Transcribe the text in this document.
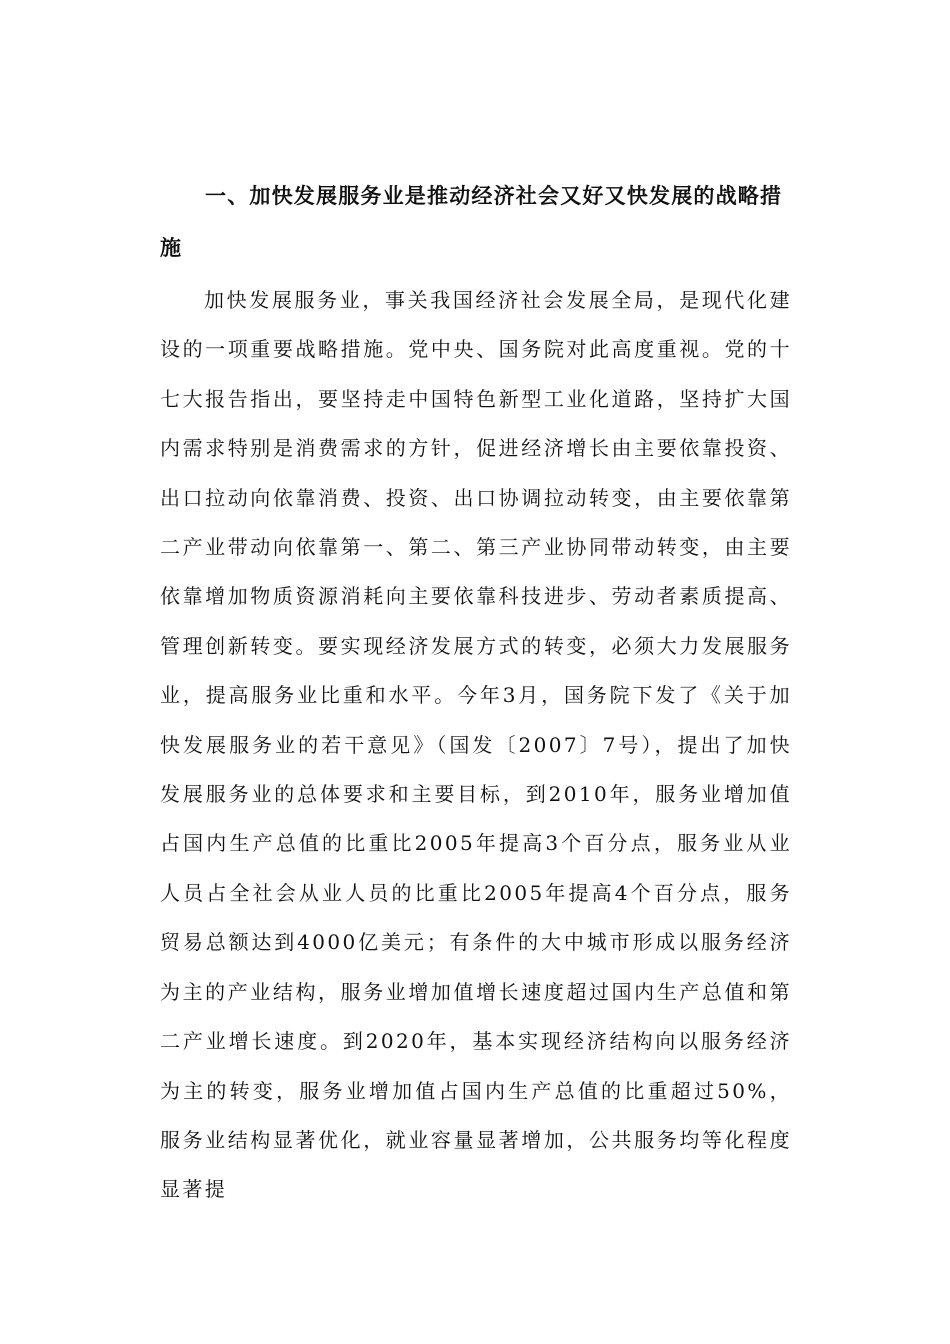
一、加快发展服务业是推动经济社会又好又快发展的战略措施

加快发展服务业，事关我国经济社会发展全局，是现代化建设的一项重要战略措施。党中央、国务院对此高度重视。党的十七大报告指出，要坚持走中国特色新型工业化道路，坚持扩大国内需求特别是消费需求的方针，促进经济增长由主要依靠投资、出口拉动向依靠消费、投资、出口协调拉动转变，由主要依靠第二产业带动向依靠第一、第二、第三产业协同带动转变，由主要依靠增加物质资源消耗向主要依靠科技进步、劳动者素质提高、管理创新转变。要实现经济发展方式的转变，必须大力发展服务业，提高服务业比重和水平。今年3月，国务院下发了《关于加快发展服务业的若干意见》（国发〔2007〕7号），提出了加快发展服务业的总体要求和主要目标，到2010年，服务业增加值占国内生产总值的比重比2005年提高3个百分点，服务业从业人员占全社会从业人员的比重比2005年提高4个百分点，服务贸易总额达到4000亿美元；有条件的大中城市形成以服务经济为主的产业结构，服务业增加值增长速度超过国内生产总值和第二产业增长速度。到2020年，基本实现经济结构向以服务经济为主的转变，服务业增加值占国内生产总值的比重超过50%，服务业结构显著优化，就业容量显著增加，公共服务均等化程度显著提
